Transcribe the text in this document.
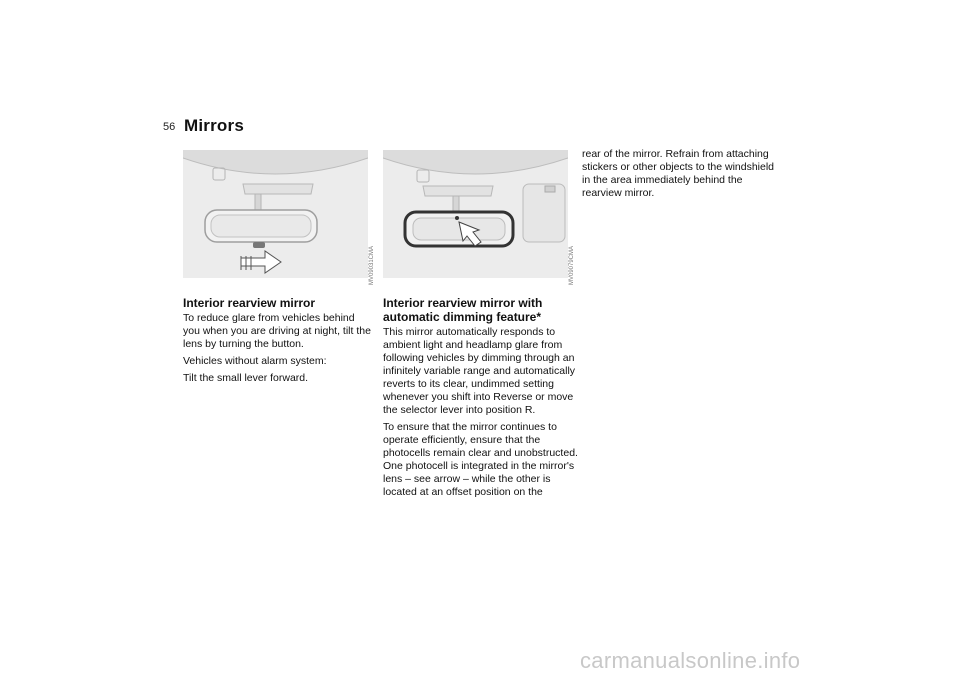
56 Mirrors
MV09031CMA	MV09079CMA
Interior rearview mirror

To reduce glare from vehicles behind you when you are driving at night, tilt the lens by turning the button.

Vehicles without alarm system:

Tilt the small lever forward.

Interior rearview mirror with automatic dimming feature*

This mirror automatically responds to ambient light and headlamp glare from following vehicles by dimming through an infinitely variable range and automatically reverts to its clear, undimmed setting whenever you shift into Reverse or move the selector lever into position R.

To ensure that the mirror continues to operate efficiently, ensure that the photocells remain clear and unobstructed. One photocell is integrated in the mirror's lens – see arrow – while the other is located at an offset position on the

rear of the mirror. Refrain from attaching stickers or other objects to the windshield in the area immediately behind the rearview mirror.

carmanualsonline.info
